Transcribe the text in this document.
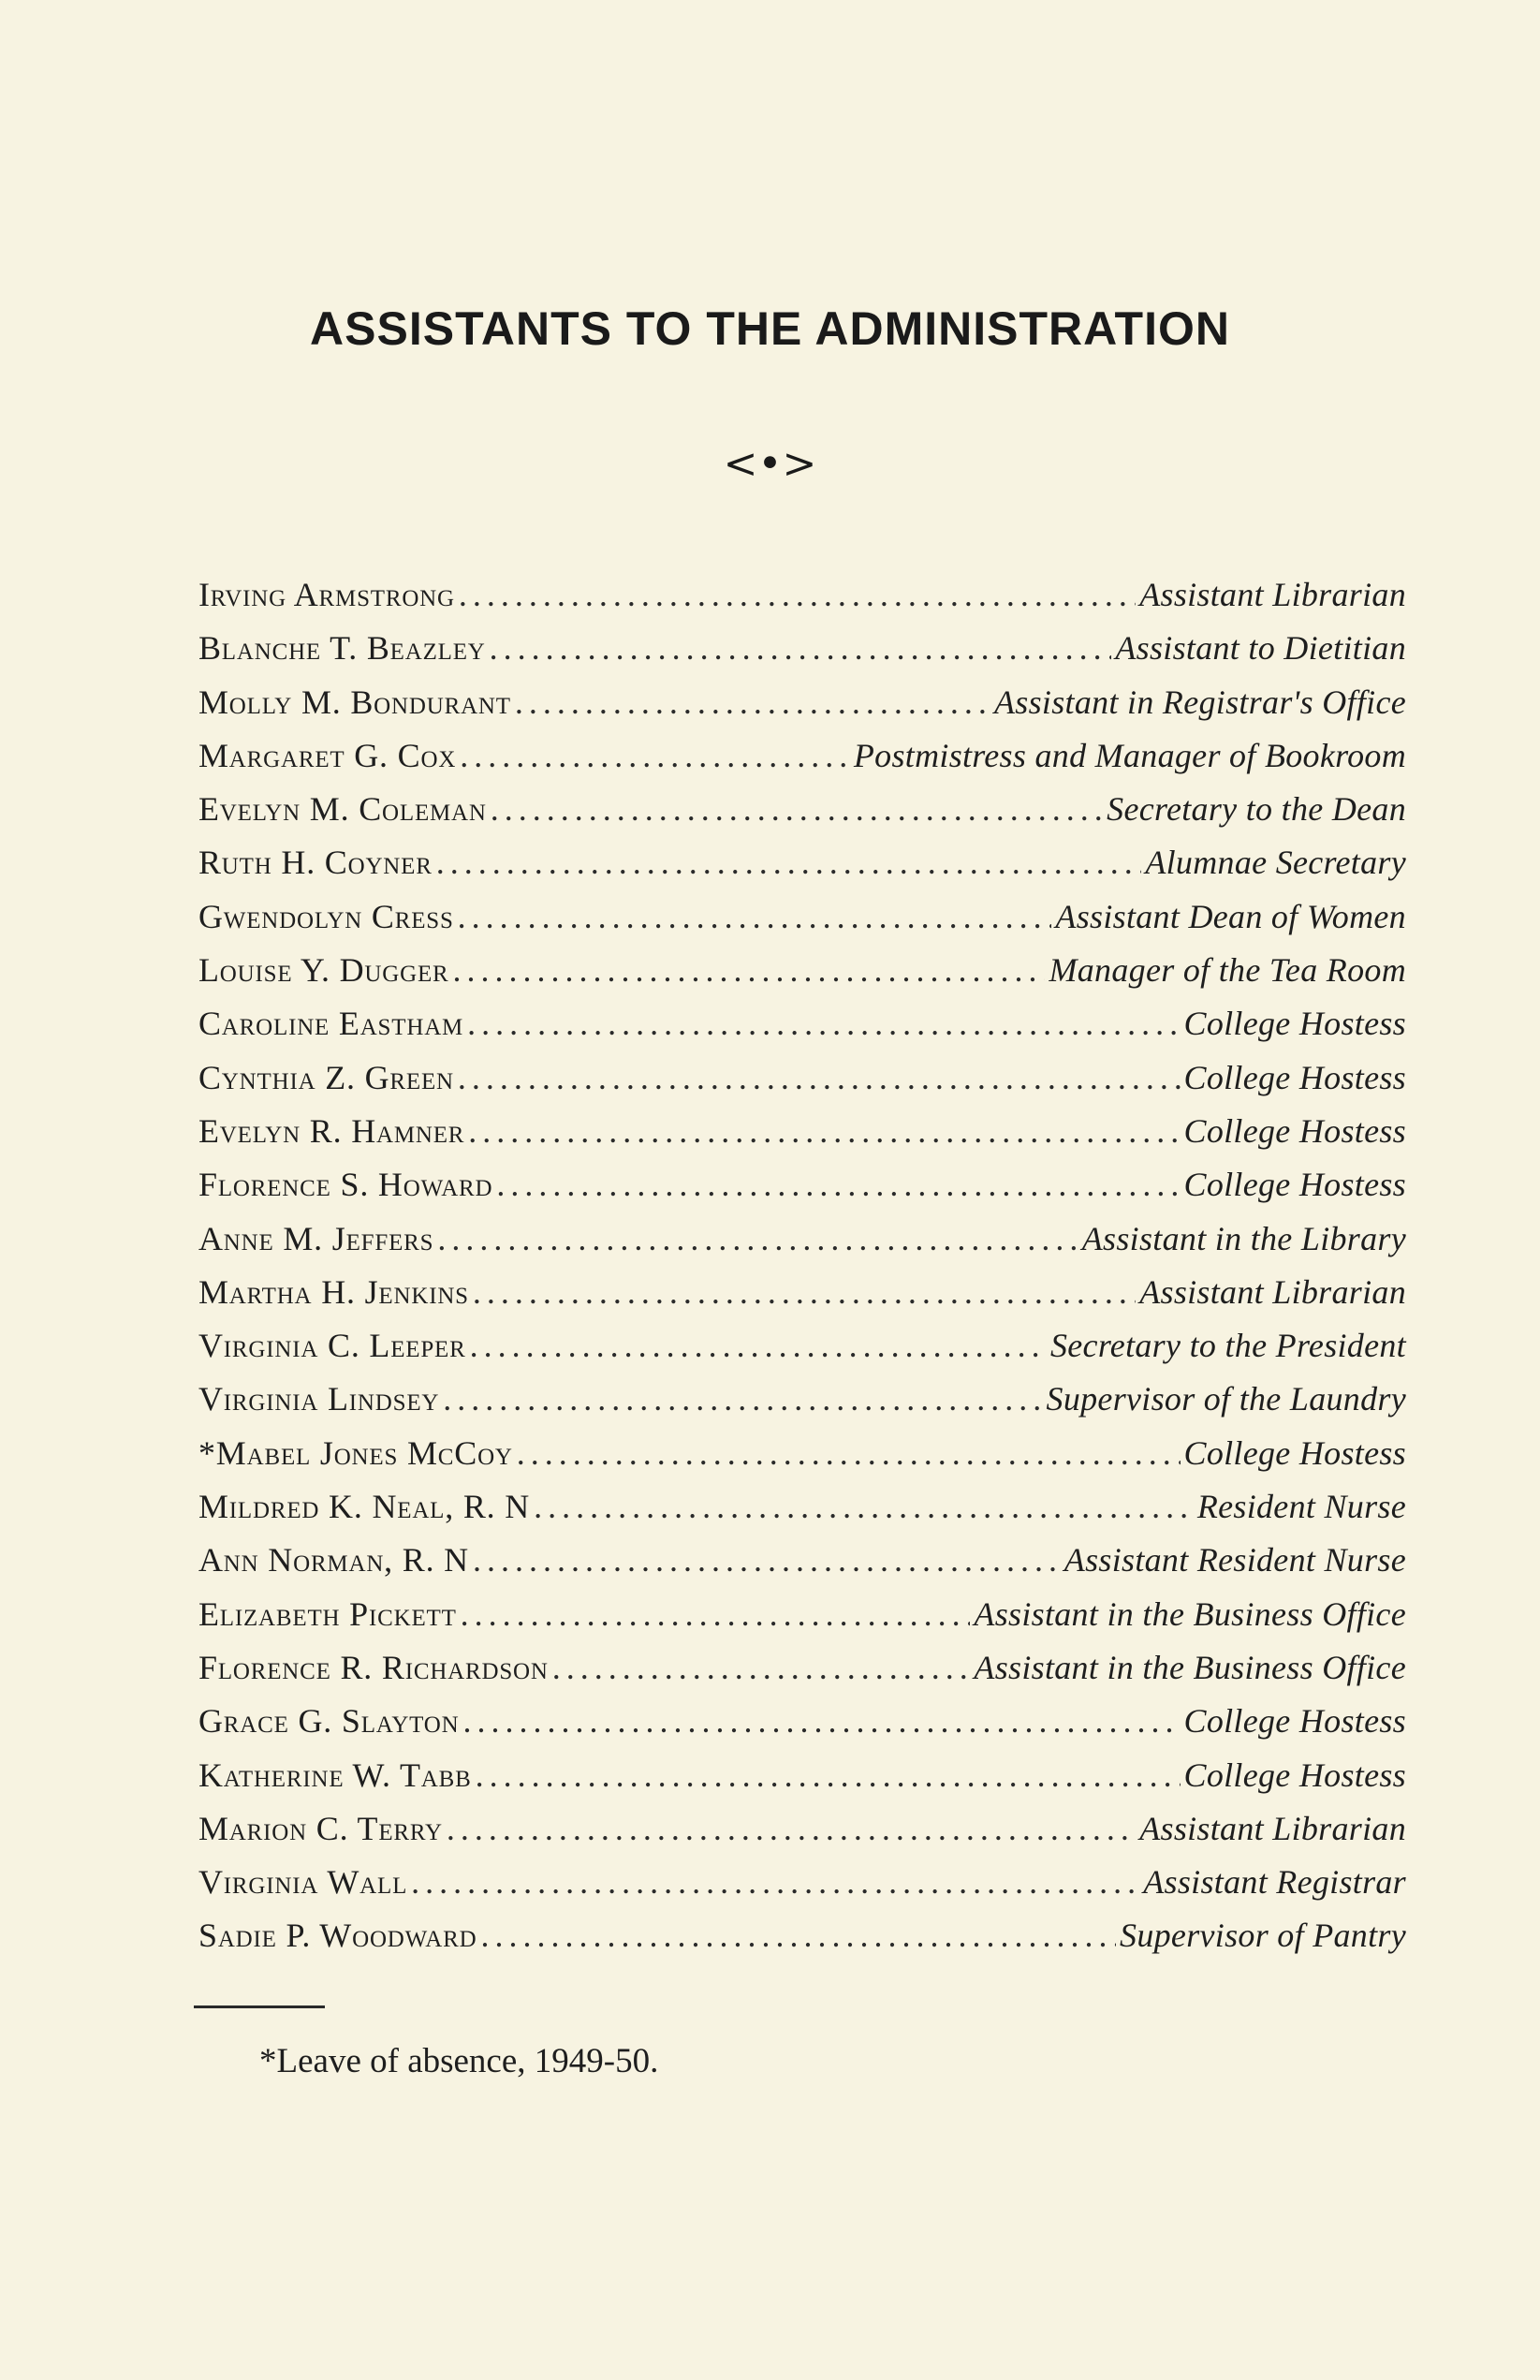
ASSISTANTS TO THE ADMINISTRATION
<•>
Irving Armstrong .....	Assistant Librarian
Blanche T. Beazley .....	Assistant to Dietitian
Molly M. Bondurant .....	Assistant in Registrar's Office
Margaret G. Cox .....	Postmistress and Manager of Bookroom
Evelyn M. Coleman .....	Secretary to the Dean
Ruth H. Coyner .....	Alumnae Secretary
Gwendolyn Cress .....	Assistant Dean of Women
Louise Y. Dugger .....	Manager of the Tea Room
Caroline Eastham .....	College Hostess
Cynthia Z. Green .....	College Hostess
Evelyn R. Hamner .....	College Hostess
Florence S. Howard .....	College Hostess
Anne M. Jeffers .....	Assistant in the Library
Martha H. Jenkins .....	Assistant Librarian
Virginia C. Leeper .....	Secretary to the President
Virginia Lindsey .....	Supervisor of the Laundry
*Mabel Jones McCoy .....	College Hostess
Mildred K. Neal, R. N .....	Resident Nurse
Ann Norman, R. N .....	Assistant Resident Nurse
Elizabeth Pickett .....	Assistant in the Business Office
Florence R. Richardson .....	Assistant in the Business Office
Grace G. Slayton .....	College Hostess
Katherine W. Tabb .....	College Hostess
Marion C. Terry .....	Assistant Librarian
Virginia Wall .....	Assistant Registrar
Sadie P. Woodward .....	Supervisor of Pantry

*Leave of absence, 1949-50.
